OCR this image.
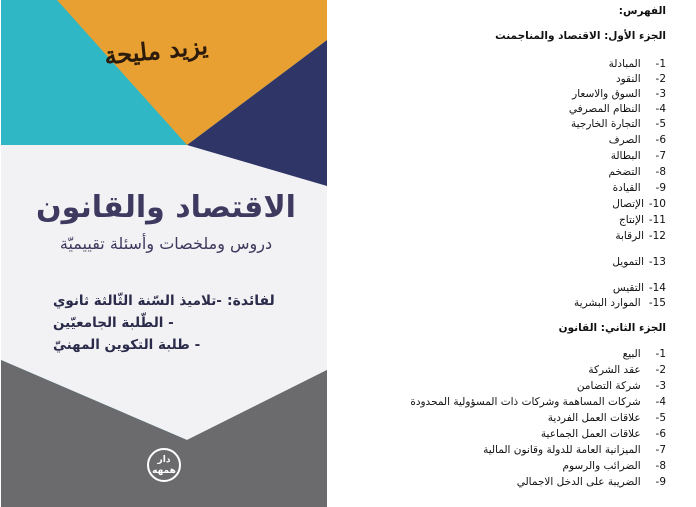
يزيد مليحة
الاقتصاد والقانون
دروس وملخصات وأسئلة تقييميّة
لفائدة:
-تلاميذ السّنة الثّالثة ثانوي
- الطّلبة الجامعيّين
- طلبة التكوين المهنيّ
دار
همهه
الفهرس:
الجزء الأول: الاقتصاد والمناجمنت
1- المبادلة
2- النقود
3- السوق والاسعار
4- النظام المصرفي
5- التجارة الخارجية
6- الصرف
7- البطالة
8- التضخم
9- القيادة
10-الإتصال
11-الإنتاج
12-الرقابة
13-التمويل
14-التقيس
15- الموارد البشرية
الجزء الثاني: القانون
1- البيع
2- عقد الشركة
3- شركة التضامن
4- شركات المساهمة وشركات ذات المسؤولية المحدودة
5- علاقات العمل الفردية
6- علاقات العمل الجماعية
7- الميزانية العامة للدولة وقانون المالية
8- الضرائب والرسوم
9- الضريبة على الدخل الاجمالي
